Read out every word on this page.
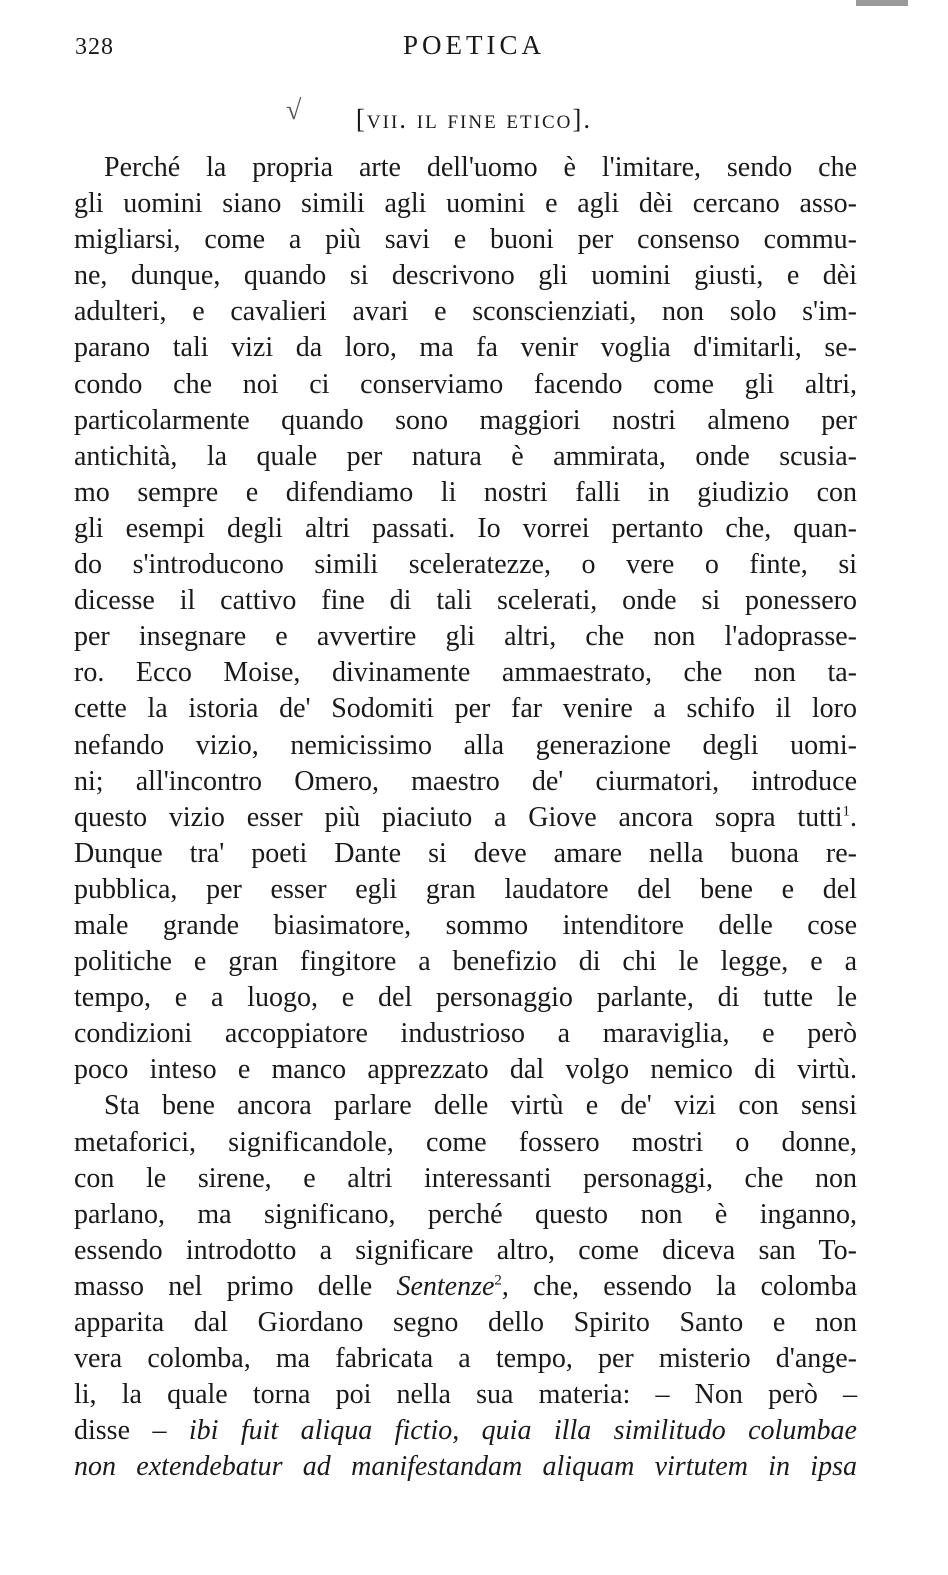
328	POETICA
√	[vii. il fine etico].
Perché la propria arte dell'uomo è l'imitare, sendo che
gli uomini siano simili agli uomini e agli dèi cercano asso-
migliarsi, come a più savi e buoni per consenso commu-
ne, dunque, quando si descrivono gli uomini giusti, e dèi
adulteri, e cavalieri avari e sconscienziati, non solo s'im-
parano tali vizi da loro, ma fa venir voglia d'imitarli, se-
condo che noi ci conserviamo facendo come gli altri,
particolarmente quando sono maggiori nostri almeno per
antichità, la quale per natura è ammirata, onde scusia-
mo sempre e difendiamo li nostri falli in giudizio con
gli esempi degli altri passati. Io vorrei pertanto che, quan-
do s'introducono simili sceleratezze, o vere o finte, si
dicesse il cattivo fine di tali scelerati, onde si ponessero
per insegnare e avvertire gli altri, che non l'adoprasse-
ro. Ecco Moise, divinamente ammaestrato, che non ta-
cette la istoria de' Sodomiti per far venire a schifo il loro
nefando vizio, nemicissimo alla generazione degli uomi-
ni; all'incontro Omero, maestro de' ciurmatori, introduce
questo vizio esser più piaciuto a Giove ancora sopra tutti$^1$.
Dunque tra' poeti Dante si deve amare nella buona re-
pubblica, per esser egli gran laudatore del bene e del
male grande biasimatore, sommo intenditore delle cose
politiche e gran fingitore a benefizio di chi le legge, e a
tempo, e a luogo, e del personaggio parlante, di tutte le
condizioni accoppiatore industrioso a maraviglia, e però
poco inteso e manco apprezzato dal volgo nemico di virtù.
Sta bene ancora parlare delle virtù e de' vizi con sensi
metaforici, significandole, come fossero mostri o donne,
con le sirene, e altri interessanti personaggi, che non
parlano, ma significano, perché questo non è inganno,
essendo introdotto a significare altro, come diceva san To-
masso nel primo delle Sentenze$^2$, che, essendo la colomba
apparita dal Giordano segno dello Spirito Santo e non
vera colomba, ma fabricata a tempo, per misterio d'ange-
li, la quale torna poi nella sua materia: – Non però –
disse – ibi fuit aliqua fictio, quia illa similitudo columbae
non extendebatur ad manifestandam aliquam virtutem in ipsa
